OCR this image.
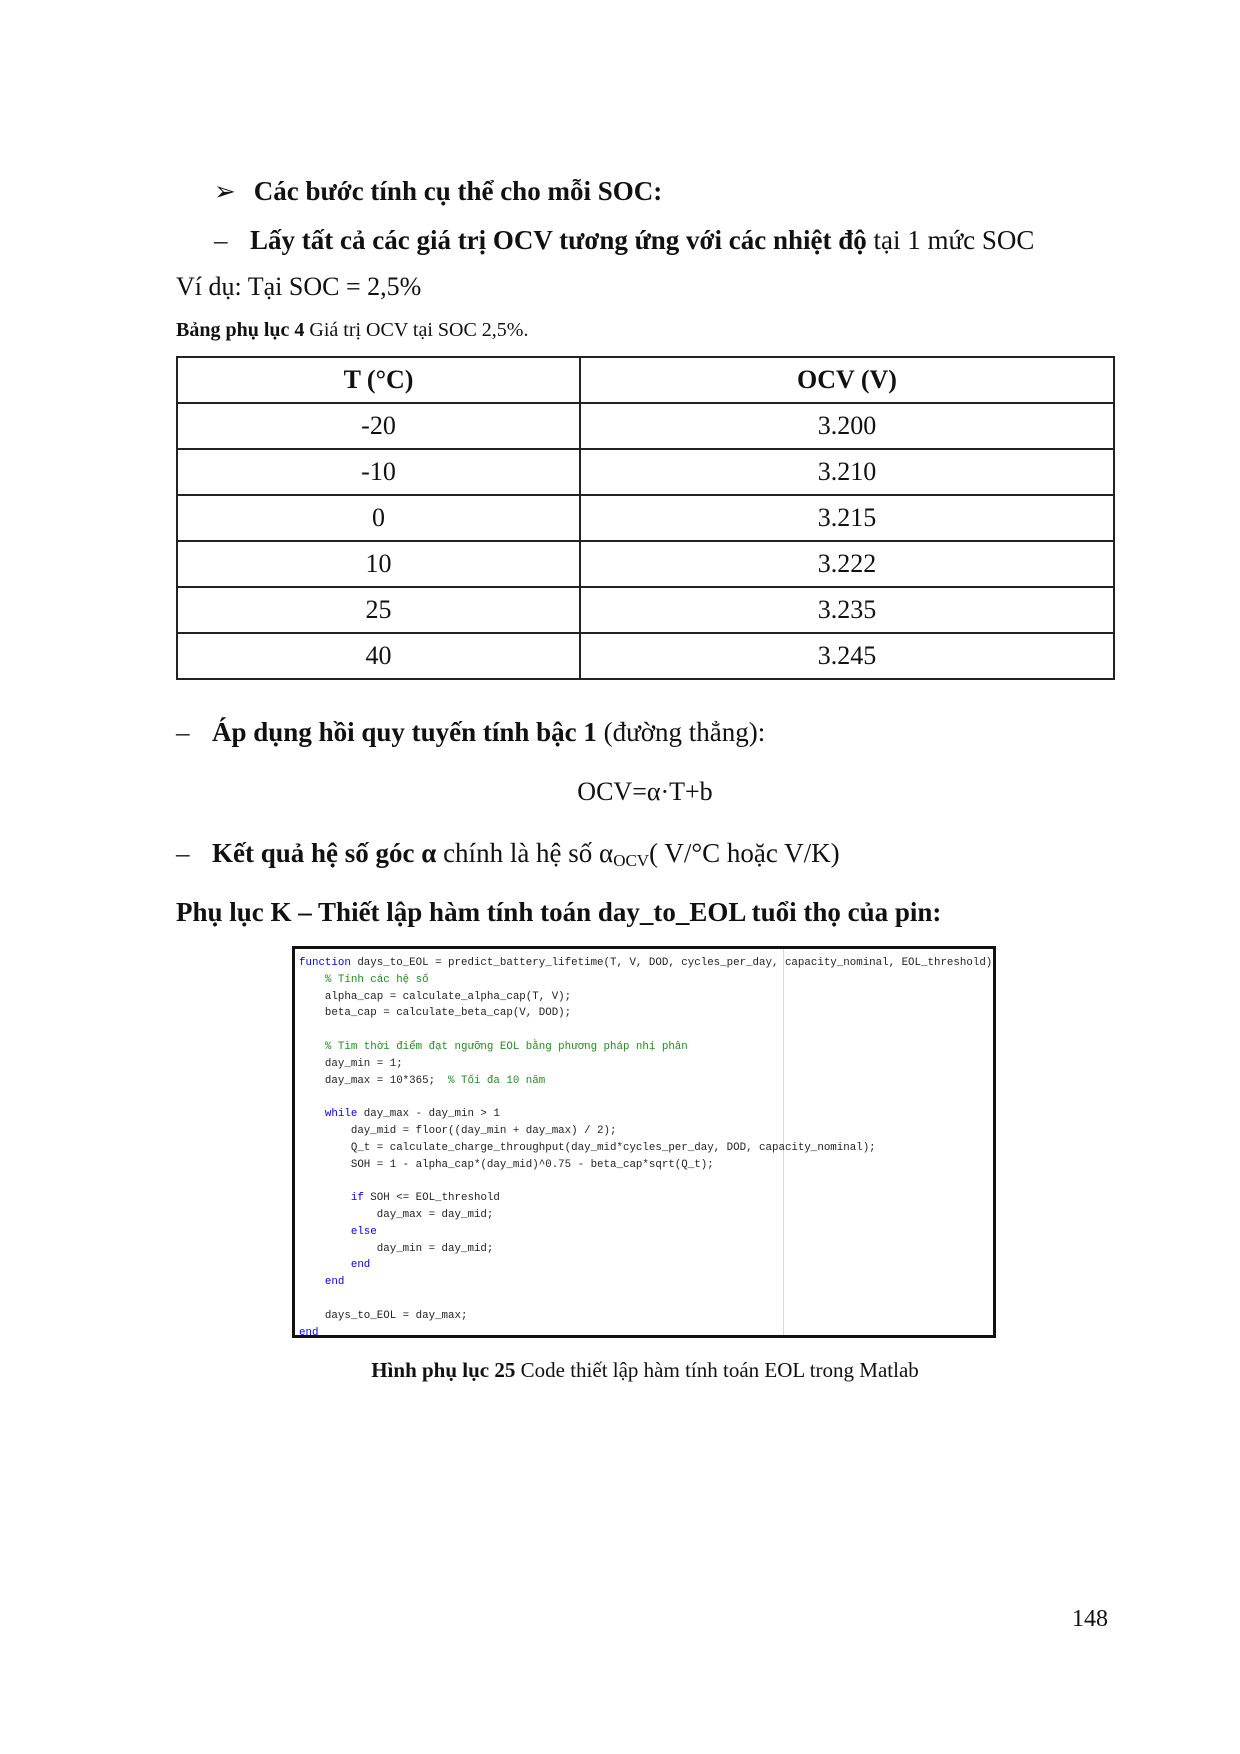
➢ Các bước tính cụ thể cho mỗi SOC:
– Lấy tất cả các giá trị OCV tương ứng với các nhiệt độ tại 1 mức SOC
Ví dụ: Tại SOC = 2,5%
Bảng phụ lục 4 Giá trị OCV tại SOC 2,5%.
T (°C)	OCV (V)
-20	3.200
-10	3.210
0	3.215
10	3.222
25	3.235
40	3.245
– Áp dụng hồi quy tuyến tính bậc 1 (đường thẳng):
OCV=α·T+b
– Kết quả hệ số góc α chính là hệ số $\alpha_{OCV}$( V/°C hoặc V/K)
Phụ lục K – Thiết lập hàm tính toán day_to_EOL tuổi thọ của pin:
function days_to_EOL = predict_battery_lifetime(T, V, DOD, cycles_per_day, capacity_nominal, EOL_threshold)
% Tính các hệ số
alpha_cap = calculate_alpha_cap(T, V);
beta_cap = calculate_beta_cap(V, DOD);

% Tìm thời điểm đạt ngưỡng EOL bằng phương pháp nhị phân
day_min = 1;
day_max = 10*365;  % Tối đa 10 năm

while day_max - day_min > 1
day_mid = floor((day_min + day_max) / 2);
Q_t = calculate_charge_throughput(day_mid*cycles_per_day, DOD, capacity_nominal);
SOH = 1 - alpha_cap*(day_mid)^0.75 - beta_cap*sqrt(Q_t);

if SOH <= EOL_threshold
day_max = day_mid;
else
day_min = day_mid;
end
end

days_to_EOL = day_max;
end
Hình phụ lục 25 Code thiết lập hàm tính toán EOL trong Matlab
148
